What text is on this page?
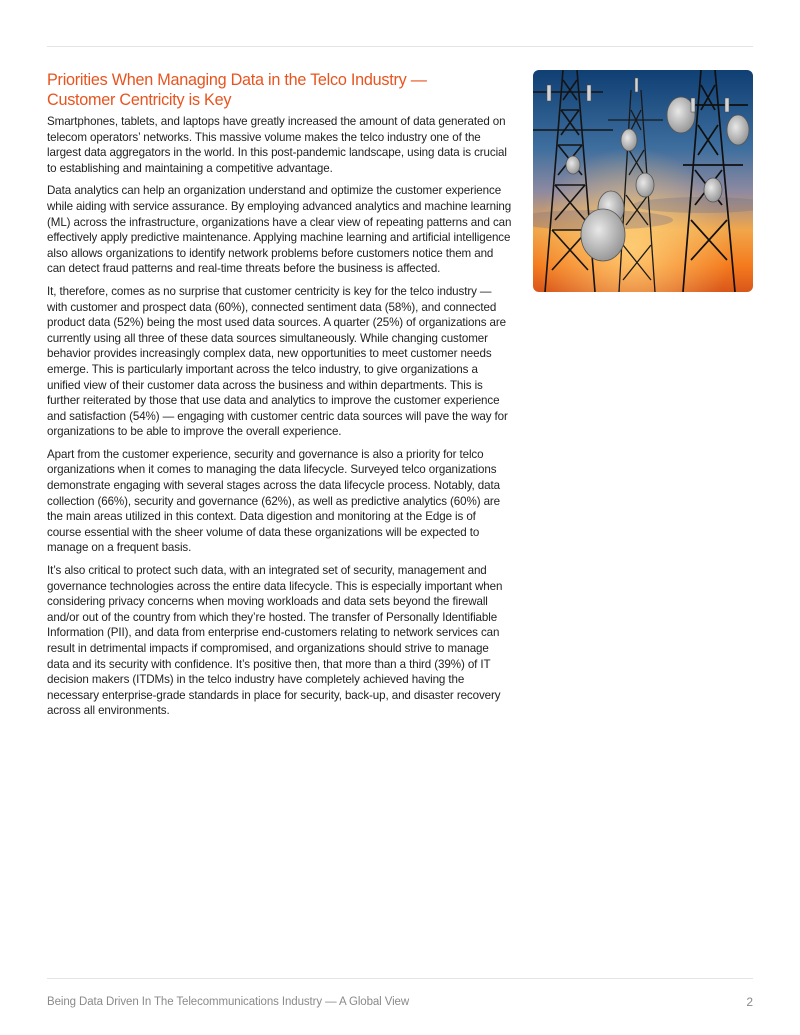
Priorities When Managing Data in the Telco Industry —
Customer Centricity is Key

Smartphones, tablets, and laptops have greatly increased the amount of data generated on telecom operators’ networks. This massive volume makes the telco industry one of the largest data aggregators in the world. In this post-pandemic landscape, using data is crucial to establishing and maintaining a competitive advantage.

Data analytics can help an organization understand and optimize the customer experience while aiding with service assurance. By employing advanced analytics and machine learning (ML) across the infrastructure, organizations have a clear view of repeating patterns and can effectively apply predictive maintenance. Applying machine learning and artificial intelligence also allows organizations to identify network problems before customers notice them and can detect fraud patterns and real-time threats before the business is affected.

It, therefore, comes as no surprise that customer centricity is key for the telco industry — with customer and prospect data (60%), connected sentiment data (58%), and connected product data (52%) being the most used data sources. A quarter (25%) of organizations are currently using all three of these data sources simultaneously. While changing customer behavior provides increasingly complex data, new opportunities to meet customer needs emerge. This is particularly important across the telco industry, to give organizations a unified view of their customer data across the business and within departments. This is further reiterated by those that use data and analytics to improve the customer experience and satisfaction (54%) — engaging with customer centric data sources will pave the way for organizations to be able to improve the overall experience.

Apart from the customer experience, security and governance is also a priority for telco organizations when it comes to managing the data lifecycle. Surveyed telco organizations demonstrate engaging with several stages across the data lifecycle process. Notably, data collection (66%), security and governance (62%), as well as predictive analytics (60%) are the main areas utilized in this context. Data digestion and monitoring at the Edge is of course essential with the sheer volume of data these organizations will be expected to manage on a frequent basis.

It’s also critical to protect such data, with an integrated set of security, management and governance technologies across the entire data lifecycle. This is especially important when considering privacy concerns when moving workloads and data sets beyond the firewall and/or out of the country from which they’re hosted. The transfer of Personally Identifiable Information (PII), and data from enterprise end-customers relating to network services can result in detrimental impacts if compromised, and organizations should strive to manage data and its security with confidence. It’s positive then, that more than a third (39%) of IT decision makers (ITDMs) in the telco industry have completely achieved having the necessary enterprise-grade standards in place for security, back-up, and disaster recovery across all environments.

Being Data Driven In The Telecommunications Industry — A Global View	2
